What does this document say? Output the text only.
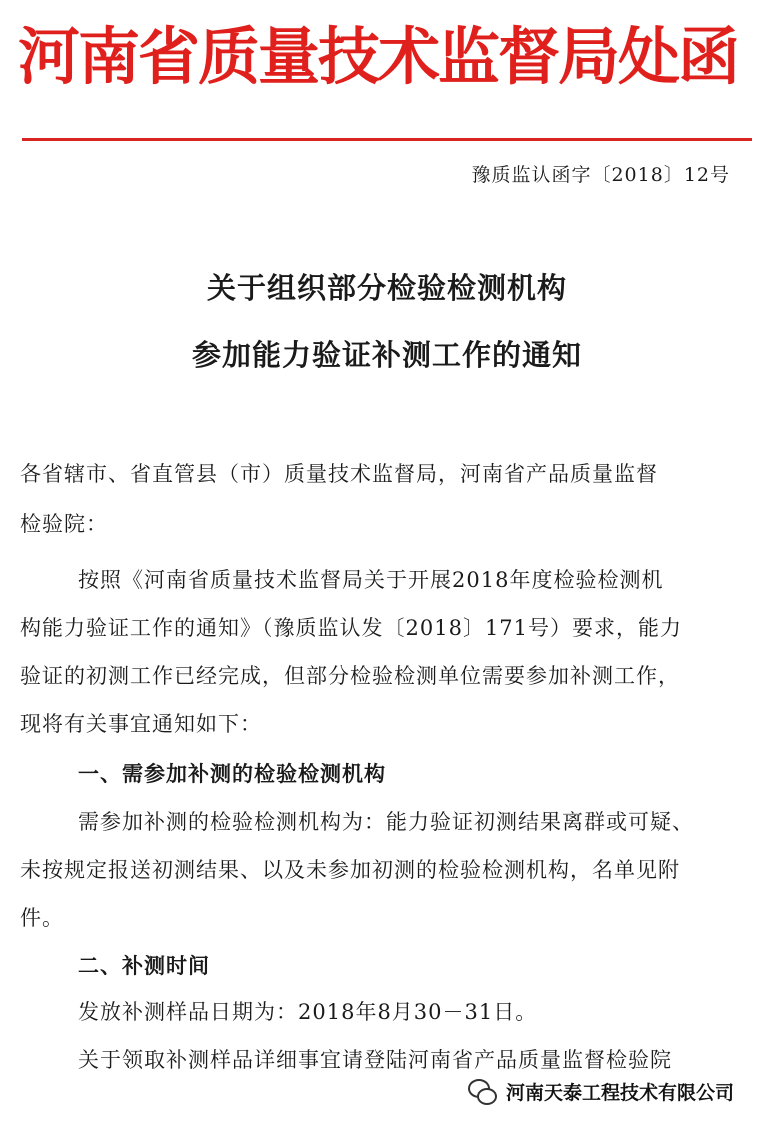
河南省质量技术监督局处函
豫质监认函字〔2018〕12号
关于组织部分检验检测机构
参加能力验证补测工作的通知
各省辖市、省直管县（市）质量技术监督局，河南省产品质量监督
检验院：
按照《河南省质量技术监督局关于开展2018年度检验检测机
构能力验证工作的通知》（豫质监认发〔2018〕171号）要求，能力
验证的初测工作已经完成，但部分检验检测单位需要参加补测工作，
现将有关事宜通知如下：
一、需参加补测的检验检测机构
需参加补测的检验检测机构为：能力验证初测结果离群或可疑、
未按规定报送初测结果、以及未参加初测的检验检测机构，名单见附
件。
二、补测时间
发放补测样品日期为：2018年8月30－31日。
关于领取补测样品详细事宜请登陆河南省产品质量监督检验院
河南天泰工程技术有限公司
